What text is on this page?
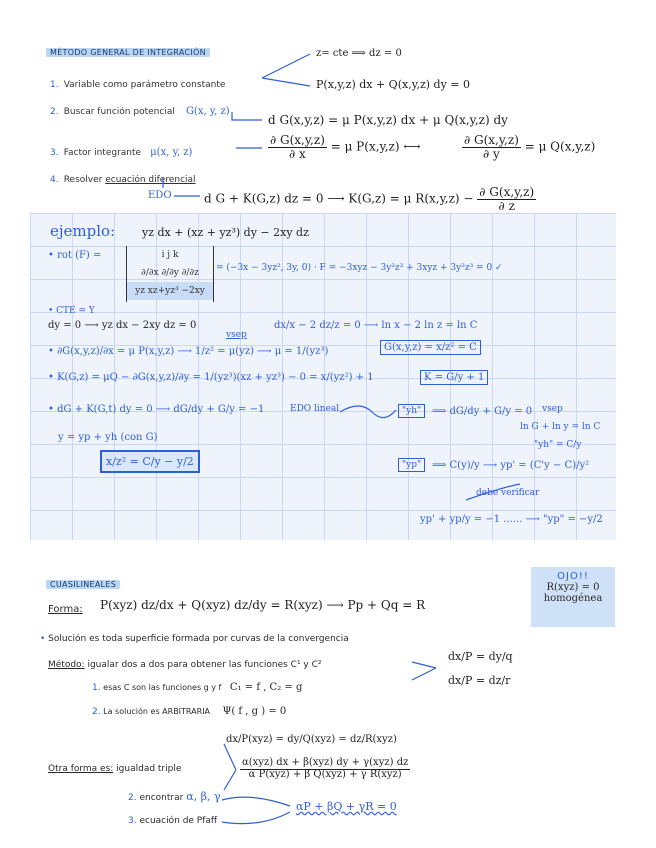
MÉTODO GENERAL DE INTEGRACIÓN	z= cte ⟹ dz = 0
1. Variable como parámetro constante	P(x,y,z) dx + Q(x,y,z) dy = 0
2. Buscar función potencial G(x, y, z)
d G(x,y,z) = μ P(x,y,z) dx + μ Q(x,y,z) dy
3. Factor integrante μ(x, y, z)	$\frac{\partial G(x,y,z)}{\partial x} = \mu$ P(x,y,z) ⟷	$\frac{\partial G(x,y,z)}{\partial y} = \mu$ Q(x,y,z)
4. Resolver ecuación diferencial
EDO	d G + K(G,z) dz = 0 ⟶ K(G,z) = μ $R(x,y,z) - \frac{\partial G(x,y,z)}{\partial z}$
ejemplo: yz dx + (xz + yz³) dy − 2xy dz
• rot (F) =	i j k
∂/∂x ∂/∂y ∂/∂z
yz xz+yz³ −2xy
= (−3x − 3yz², 3y, 0) · F = −3xyz − 3y²z³ + 3xyz + 3y²z³ = 0 ✓
• CTE = Y
dy = 0 ⟶ yz dx − 2xy dz = 0
vsep
dx/x − 2 dz/z = 0 ⟶ ln x − 2 ln z = ln C
G(x,y,z) = x/z² = C
• ∂G(x,y,z)/∂x = μ P(x,y,z) ⟶ 1/z² = μ(yz) ⟶ μ = 1/(yz³)
• K(G,z) = μQ − ∂G(x,y,z)/∂y = 1/(yz³)(xz + yz³) − 0 = x/(yz²) + 1	K = G/y + 1
• dG + K(G,t) dy = 0 ⟶ dG/dy + G/y = −1	EDO lineal	"yh"	⟹ dG/dy + G/y = 0 vsep
ln G + ln y = ln C
"yh" = C/y
y = yp + yh (con G)
x/z² = C/y − y/2	"yp"	⟹ C(y)/y ⟶ yp' = (C'y − C)/y²
debe verificar
yp' + yp/y = −1 ...... ⟶ "yp" = −y/2
CUASILINEALES
Forma: P(xyz) dz/dx + Q(xyz) dz/dy = R(xyz) ⟶ Pp + Qq = R
OJO!!
R(xyz) = 0
homogénea
• Solución es toda superficie formada por curvas de la convergencia
Método: igualar dos a dos para obtener las funciones C¹ y C²
dx/P = dy/q
dx/P = dz/r
1. esas C son las funciones g y f C₁ = f , C₂ = g
2. La solución es ARBITRARIA Ψ( f , g ) = 0
dx/P(xyz) = dy/Q(xyz) = dz/R(xyz)
Otra forma es: igualdad triple	$\frac{\text{α(xyz) dx + β(xyz) dy + γ(xyz) dz}}{\text{α P(xyz) + β Q(xyz) + γ R(xyz)}}$
2. encontrar α, β, γ
αP + βQ + γR = 0
3. ecuación de Pfaff
